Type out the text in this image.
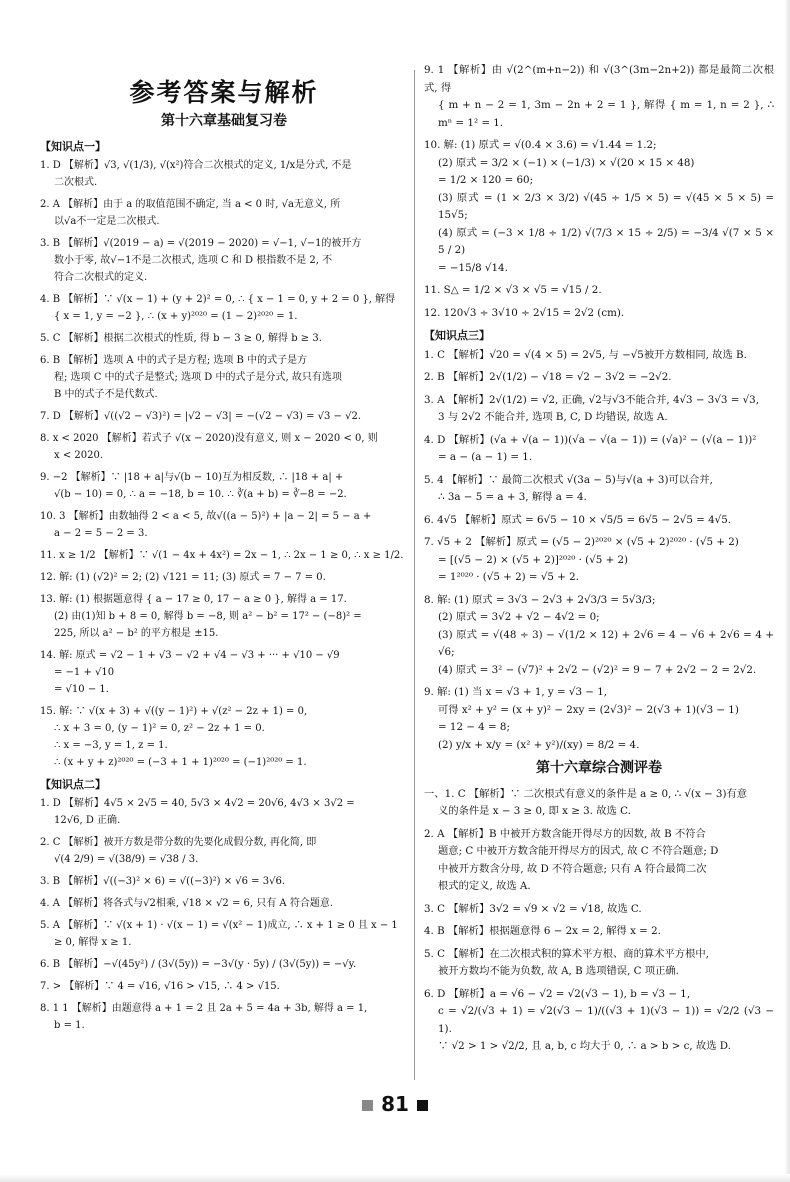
参考答案与解析
第十六章基础复习卷
【知识点一】
1. D 【解析】√3, √(1/3), √(x²)符合二次根式的定义, 1/x是分式, 不是
二次根式.
2. A 【解析】由于 a 的取值范围不确定, 当 a < 0 时, √a无意义, 所
以√a不一定是二次根式.
3. B 【解析】√(2019 − a) = √(2019 − 2020) = √−1, √−1的被开方
数小于零, 故√−1不是二次根式, 选项 C 和 D 根指数不是 2, 不
符合二次根式的定义.
4. B 【解析】∵ √(x − 1) + (y + 2)² = 0, ∴ { x − 1 = 0, y + 2 = 0 }, 解得
{ x = 1, y = −2 }, ∴ (x + y)²⁰²⁰ = (1 − 2)²⁰²⁰ = 1.
5. C 【解析】根据二次根式的性质, 得 b − 3 ≥ 0, 解得 b ≥ 3.
6. B 【解析】选项 A 中的式子是方程; 选项 B 中的式子是方
程; 选项 C 中的式子是整式; 选项 D 中的式子是分式, 故只有选项
B 中的式子不是代数式.
7. D 【解析】√((√2 − √3)²) = |√2 − √3| = −(√2 − √3) = √3 − √2.
8. x < 2020 【解析】若式子 √(x − 2020)没有意义, 则 x − 2020 < 0, 则
x < 2020.
9. −2 【解析】∵ |18 + a|与√(b − 10)互为相反数, ∴ |18 + a| +
√(b − 10) = 0, ∴ a = −18, b = 10. ∴ ∛(a + b) = ∛−8 = −2.
10. 3 【解析】由数轴得 2 < a < 5, 故√((a − 5)²) + |a − 2| = 5 − a +
a − 2 = 5 − 2 = 3.
11. x ≥ 1/2 【解析】∵ √(1 − 4x + 4x²) = 2x − 1, ∴ 2x − 1 ≥ 0, ∴ x ≥ 1/2.
12. 解: (1) (√2)² = 2; (2) √121 = 11; (3) 原式 = 7 − 7 = 0.
13. 解: (1) 根据题意得 { a − 17 ≥ 0, 17 − a ≥ 0 }, 解得 a = 17.
(2) 由(1)知 b + 8 = 0, 解得 b = −8, 则 a² − b² = 17² − (−8)² =
225, 所以 a² − b² 的平方根是 ±15.
14. 解: 原式 = √2 − 1 + √3 − √2 + √4 − √3 + ··· + √10 − √9
= −1 + √10
= √10 − 1.
15. 解: ∵ √(x + 3) + √((y − 1)²) + √(z² − 2z + 1) = 0,
∴ x + 3 = 0, (y − 1)² = 0, z² − 2z + 1 = 0.
∴ x = −3, y = 1, z = 1.
∴ (x + y + z)²⁰²⁰ = (−3 + 1 + 1)²⁰²⁰ = (−1)²⁰²⁰ = 1.
【知识点二】
1. D 【解析】4√5 × 2√5 = 40, 5√3 × 4√2 = 20√6, 4√3 × 3√2 =
12√6, D 正确.
2. C 【解析】被开方数是带分数的先要化成假分数, 再化简, 即
√(4 2/9) = √(38/9) = √38 / 3.
3. B 【解析】√((−3)² × 6) = √((−3)²) × √6 = 3√6.
4. A 【解析】将各式与√2相乘, √18 × √2 = 6, 只有 A 符合题意.
5. A 【解析】∵ √(x + 1) · √(x − 1) = √(x² − 1)成立, ∴ x + 1 ≥ 0 且 x − 1
≥ 0, 解得 x ≥ 1.
6. B 【解析】−√(45y²) / (3√(5y)) = −3√(y · 5y) / (3√(5y)) = −√y.
7. > 【解析】∵ 4 = √16, √16 > √15, ∴ 4 > √15.
8. 1 1 【解析】由题意得 a + 1 = 2 且 2a + 5 = 4a + 3b, 解得 a = 1,
b = 1.
9. 1 【解析】由 √(2^(m+n−2)) 和 √(3^(3m−2n+2)) 都是最简二次根式, 得
{ m + n − 2 = 1, 3m − 2n + 2 = 1 }, 解得 { m = 1, n = 2 }, ∴ mⁿ = 1² = 1.
10. 解: (1) 原式 = √(0.4 × 3.6) = √1.44 = 1.2;
(2) 原式 = 3/2 × (−1) × (−1/3) × √(20 × 15 × 48)
= 1/2 × 120 = 60;
(3) 原式 = (1 × 2/3 × 3/2) √(45 ÷ 1/5 × 5) = √(45 × 5 × 5) = 15√5;
(4) 原式 = (−3 × 1/8 ÷ 1/2) √(7/3 × 15 ÷ 2/5) = −3/4 √(7 × 5 × 5 / 2)
= −15/8 √14.
11. S△ = 1/2 × √3 × √5 = √15 / 2.
12. 120√3 ÷ 3√10 ÷ 2√15 = 2√2 (cm).
【知识点三】
1. C 【解析】√20 = √(4 × 5) = 2√5, 与 −√5被开方数相同, 故选 B.
2. B 【解析】2√(1/2) − √18 = √2 − 3√2 = −2√2.
3. A 【解析】2√(1/2) = √2, 正确, √2与√3不能合并, 4√3 − 3√3 = √3,
3 与 2√2 不能合并, 选项 B, C, D 均错误, 故选 A.
4. D 【解析】(√a + √(a − 1))(√a − √(a − 1)) = (√a)² − (√(a − 1))²
= a − (a − 1) = 1.
5. 4 【解析】∵ 最简二次根式 √(3a − 5)与√(a + 3)可以合并,
∴ 3a − 5 = a + 3, 解得 a = 4.
6. 4√5 【解析】原式 = 6√5 − 10 × √5/5 = 6√5 − 2√5 = 4√5.
7. √5 + 2 【解析】原式 = (√5 − 2)²⁰²⁰ × (√5 + 2)²⁰²⁰ · (√5 + 2)
= [(√5 − 2) × (√5 + 2)]²⁰²⁰ · (√5 + 2)
= 1²⁰²⁰ · (√5 + 2) = √5 + 2.
8. 解: (1) 原式 = 3√3 − 2√3 + 2√3/3 = 5√3/3;
(2) 原式 = 3√2 + √2 − 4√2 = 0;
(3) 原式 = √(48 ÷ 3) − √(1/2 × 12) + 2√6 = 4 − √6 + 2√6 = 4 + √6;
(4) 原式 = 3² − (√7)² + 2√2 − (√2)² = 9 − 7 + 2√2 − 2 = 2√2.
9. 解: (1) 当 x = √3 + 1, y = √3 − 1,
可得 x² + y² = (x + y)² − 2xy = (2√3)² − 2(√3 + 1)(√3 − 1)
= 12 − 4 = 8;
(2) y/x + x/y = (x² + y²)/(xy) = 8/2 = 4.
第十六章综合测评卷
一、1. C 【解析】∵ 二次根式有意义的条件是 a ≥ 0, ∴ √(x − 3)有意
义的条件是 x − 3 ≥ 0, 即 x ≥ 3. 故选 C.
2. A 【解析】B 中被开方数含能开得尽方的因数, 故 B 不符合
题意; C 中被开方数含能开得尽方的因式, 故 C 不符合题意; D
中被开方数含分母, 故 D 不符合题意; 只有 A 符合最简二次
根式的定义, 故选 A.
3. C 【解析】3√2 = √9 × √2 = √18, 故选 C.
4. B 【解析】根据题意得 6 − 2x = 2, 解得 x = 2.
5. C 【解析】在二次根式积的算术平方根、商的算术平方根中,
被开方数均不能为负数, 故 A, B 选项错误, C 项正确.
6. D 【解析】a = √6 − √2 = √2(√3 − 1), b = √3 − 1,
c = √2/(√3 + 1) = √2(√3 − 1)/((√3 + 1)(√3 − 1)) = √2/2 (√3 − 1).
∵ √2 > 1 > √2/2, 且 a, b, c 均大于 0, ∴ a > b > c, 故选 D.
81
